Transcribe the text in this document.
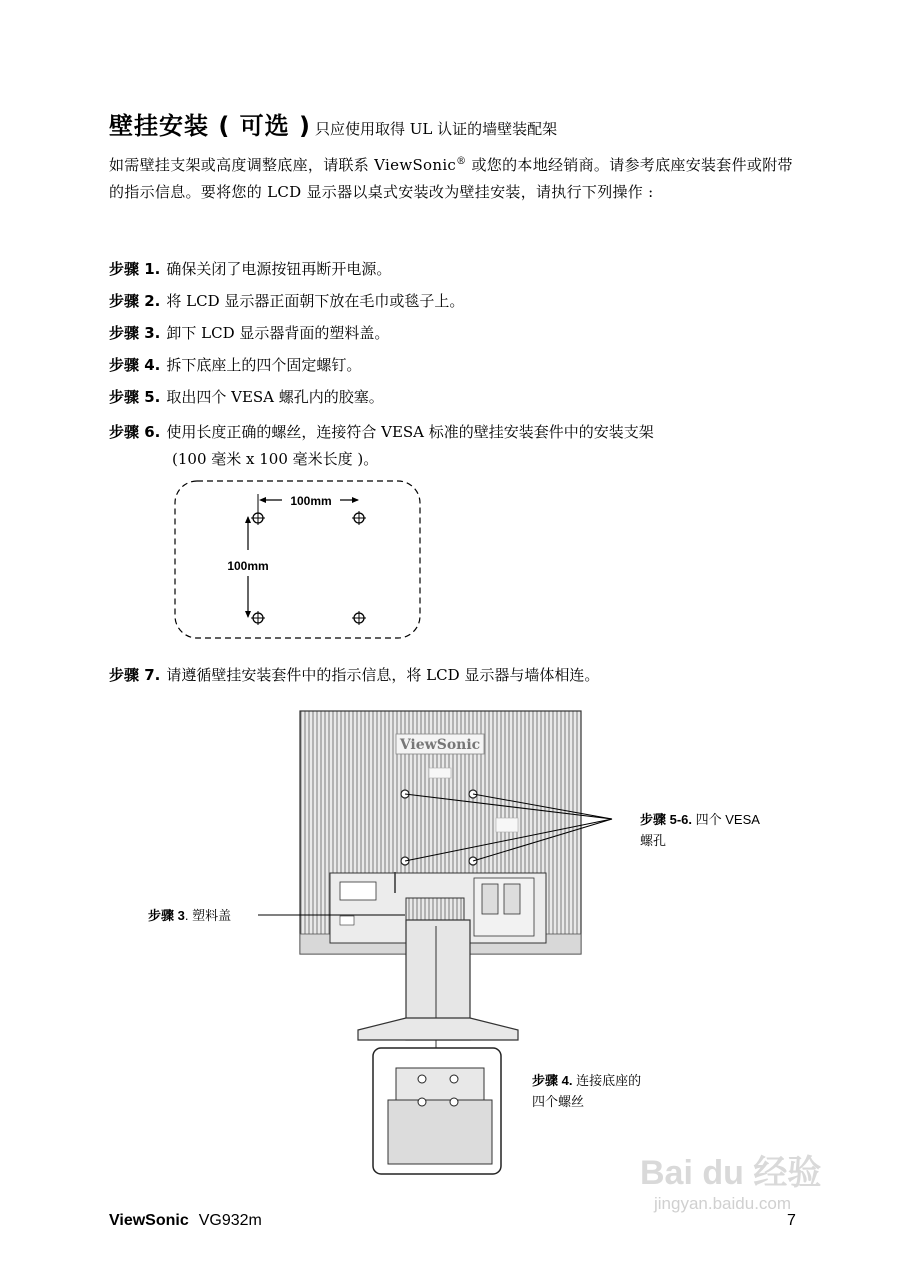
壁挂安装 ( 可选 ) 只应使用取得 UL 认证的墙壁装配架
如需壁挂支架或高度调整底座，请联系 ViewSonic® 或您的本地经销商。请参考底座安装套件或附带的指示信息。要将您的 LCD 显示器以桌式安装改为壁挂安装，请执行下列操作 :
步骤 1. 确保关闭了电源按钮再断开电源。
步骤 2. 将 LCD 显示器正面朝下放在毛巾或毯子上。
步骤 3. 卸下 LCD 显示器背面的塑料盖。
步骤 4. 拆下底座上的四个固定螺钉。
步骤 5. 取出四个 VESA 螺孔内的胶塞。
步骤 6. 使用长度正确的螺丝，连接符合 VESA 标准的壁挂安装套件中的安装支架
(100 毫米 x 100 毫米长度 )。
100mm
100mm
步骤 7. 请遵循壁挂安装套件中的指示信息，将 LCD 显示器与墙体相连。
ViewSonic
步骤 5-6. 四个 VESA
螺孔
步骤 3. 塑料盖
步骤 4. 连接底座的
四个螺丝
Bai du 经验
jingyan.baidu.com
ViewSonic VG932m	7
